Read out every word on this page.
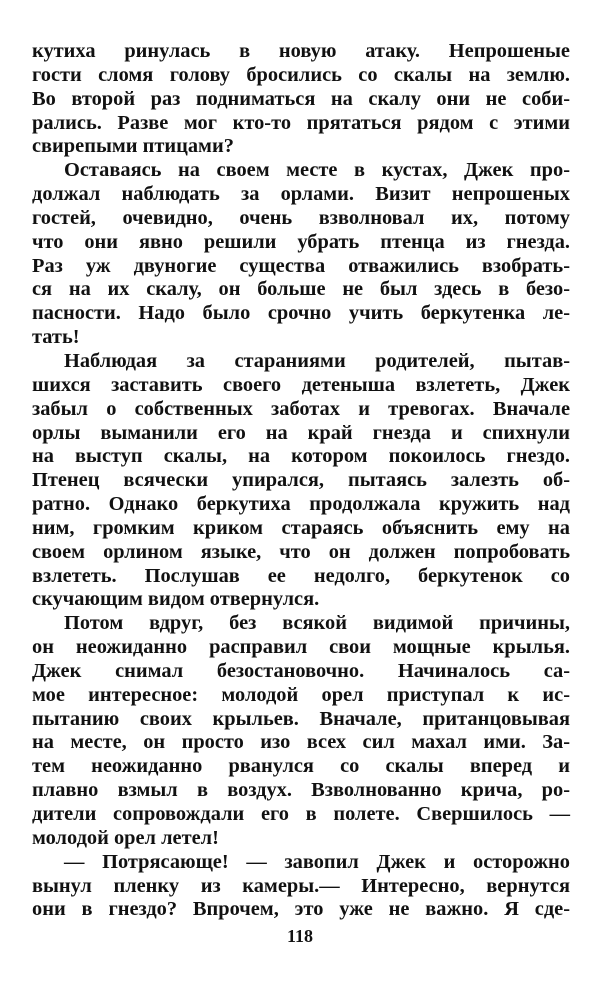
кутиха ринулась в новую атаку. Непрошеные
гости сломя голову бросились со скалы на землю.
Во второй раз подниматься на скалу они не соби-
рались. Разве мог кто-то прятаться рядом с этими
свирепыми птицами?
Оставаясь на своем месте в кустах, Джек про-
должал наблюдать за орлами. Визит непрошеных
гостей, очевидно, очень взволновал их, потому
что они явно решили убрать птенца из гнезда.
Раз уж двуногие существа отважились взобрать-
ся на их скалу, он больше не был здесь в безо-
пасности. Надо было срочно учить беркутенка ле-
тать!
Наблюдая за стараниями родителей, пытав-
шихся заставить своего детеныша взлететь, Джек
забыл о собственных заботах и тревогах. Вначале
орлы выманили его на край гнезда и спихнули
на выступ скалы, на котором покоилось гнездо.
Птенец всячески упирался, пытаясь залезть об-
ратно. Однако беркутиха продолжала кружить над
ним, громким криком стараясь объяснить ему на
своем орлином языке, что он должен попробовать
взлететь. Послушав ее недолго, беркутенок со
скучающим видом отвернулся.
Потом вдруг, без всякой видимой причины,
он неожиданно расправил свои мощные крылья.
Джек снимал безостановочно. Начиналось са-
мое интересное: молодой орел приступал к ис-
пытанию своих крыльев. Вначале, пританцовывая
на месте, он просто изо всех сил махал ими. За-
тем неожиданно рванулся со скалы вперед и
плавно взмыл в воздух. Взволнованно крича, ро-
дители сопровождали его в полете. Свершилось —
молодой орел летел!
— Потрясающе! — завопил Джек и осторожно
вынул пленку из камеры.— Интересно, вернутся
они в гнездо? Впрочем, это уже не важно. Я сде-
118
